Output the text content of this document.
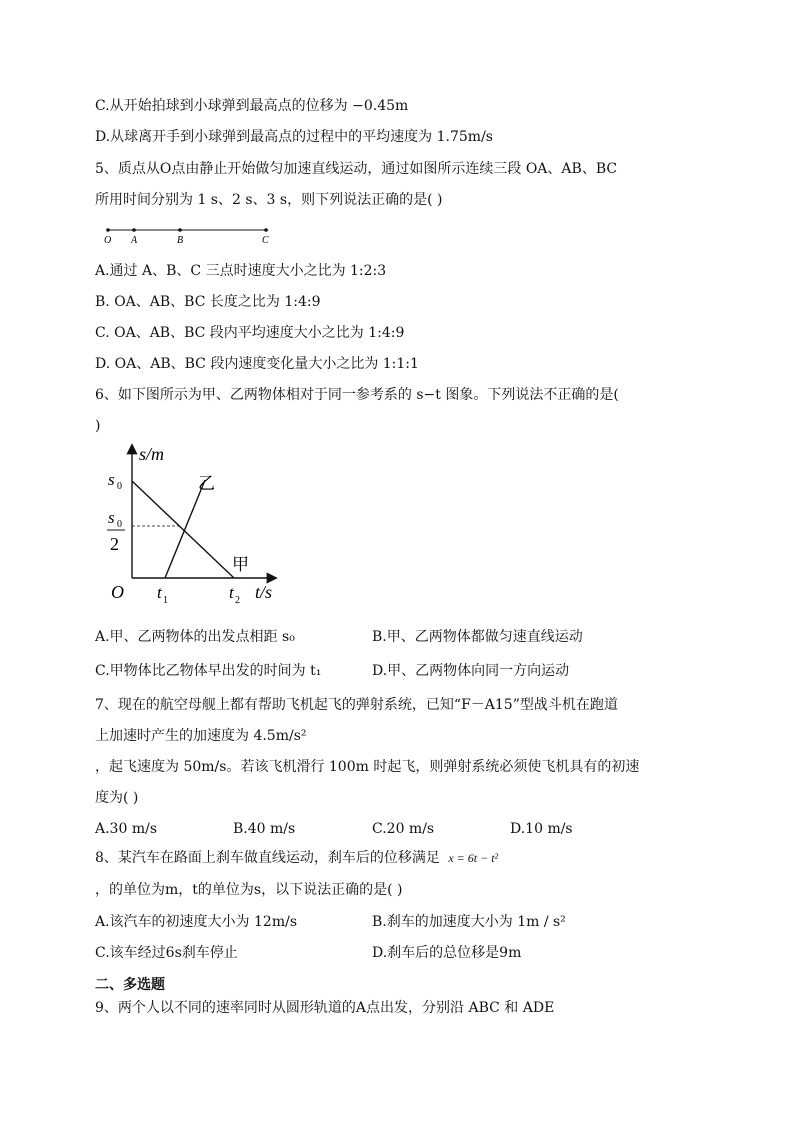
C.从开始拍球到小球弹到最高点的位移为 −0.45m
D.从球离开手到小球弹到最高点的过程中的平均速度为 1.75m/s
5、质点从O点由静止开始做匀加速直线运动，通过如图所示连续三段 OA、AB、BC
所用时间分别为 1 s、2 s、3 s，则下列说法正确的是( )
O A	B	C
A.通过 A、B、C 三点时速度大小之比为 1:2:3
B. OA、AB、BC 长度之比为 1:4:9
C. OA、AB、BC 段内平均速度大小之比为 1:4:9
D. OA、AB、BC 段内速度变化量大小之比为 1:1:1
6、如下图所示为甲、乙两物体相对于同一参考系的 s−t 图象。下列说法不正确的是(
)
s/m
t/s
O
s 0
s 0
2
t 1	t 2
甲
乙
A.甲、乙两物体的出发点相距 s₀	B.甲、乙两物体都做匀速直线运动
C.甲物体比乙物体早出发的时间为 t₁	D.甲、乙两物体向同一方向运动
7、现在的航空母舰上都有帮助飞机起飞的弹射系统，已知“F－A15”型战斗机在跑道
上加速时产生的加速度为 4.5m/s²
，起飞速度为 50m/s。若该飞机滑行 100m 时起飞，则弹射系统必须使飞机具有的初速
度为( )
A.30 m/s	B.40 m/s	C.20 m/s	D.10 m/s
8、某汽车在路面上刹车做直线运动，刹车后的位移满足 x = 6t − t²
，的单位为m，t的单位为s，以下说法正确的是( )
A.该汽车的初速度大小为 12m/s	B.刹车的加速度大小为 1m / s²
C.该车经过6s刹车停止	D.刹车后的总位移是9m
二、多选题
9、两个人以不同的速率同时从圆形轨道的A点出发，分别沿 ABC 和 ADE
